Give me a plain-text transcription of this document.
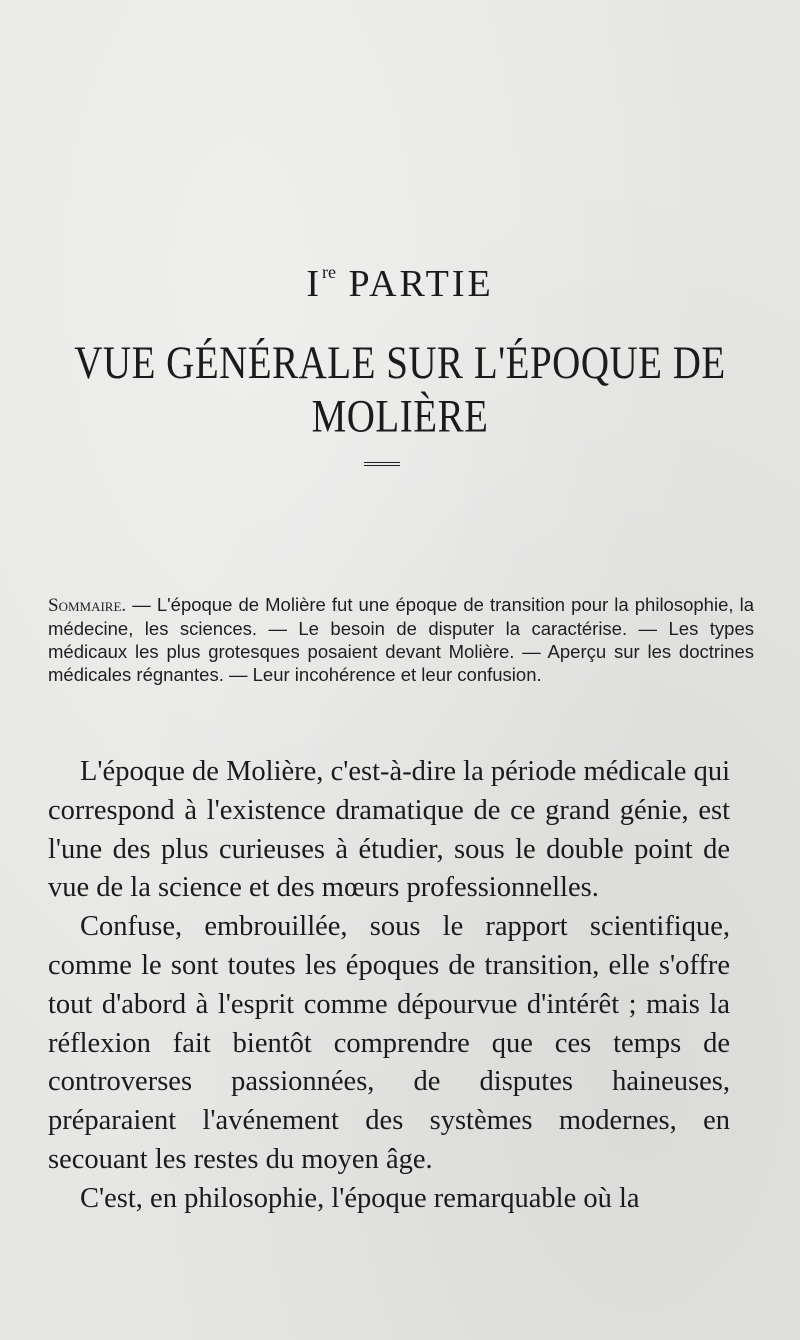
Ire PARTIE
VUE GÉNÉRALE SUR L'ÉPOQUE DE MOLIÈRE
Sommaire. — L'époque de Molière fut une époque de transition pour la philosophie, la médecine, les sciences. — Le besoin de disputer la caractérise. — Les types médicaux les plus grotesques posaient devant Molière. — Aperçu sur les doctrines médicales régnantes. — Leur incohérence et leur confusion.

L'époque de Molière, c'est-à-dire la période médicale qui correspond à l'existence dramatique de ce grand génie, est l'une des plus curieuses à étudier, sous le double point de vue de la science et des mœurs professionnelles.

Confuse, embrouillée, sous le rapport scientifique, comme le sont toutes les époques de transition, elle s'offre tout d'abord à l'esprit comme dépourvue d'intérêt ; mais la réflexion fait bientôt comprendre que ces temps de controverses passionnées, de disputes haineuses, préparaient l'avénement des systèmes modernes, en secouant les restes du moyen âge.

C'est, en philosophie, l'époque remarquable où la
